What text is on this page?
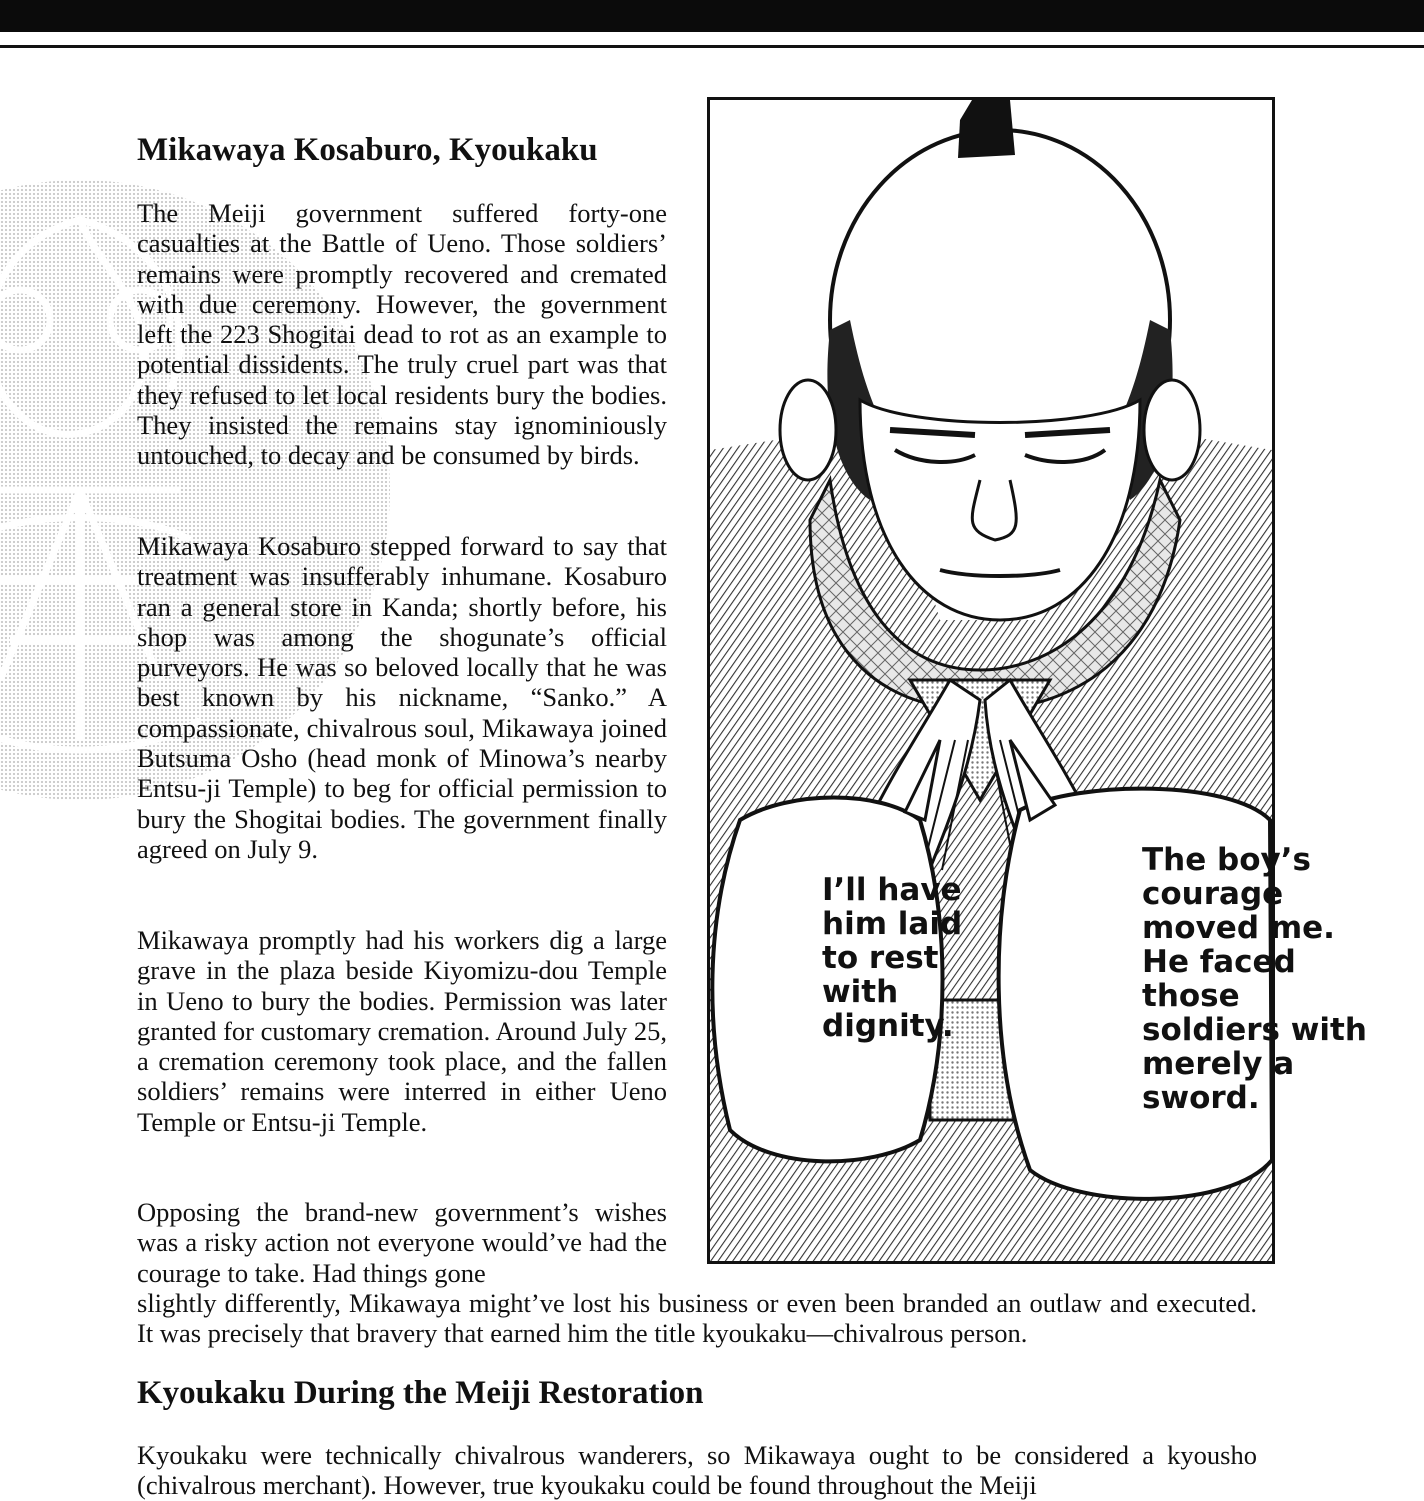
Mikawaya Kosaburo, Kyoukaku

The Meiji government suffered forty-one casualties at the Battle of Ueno. Those soldiers’ remains were promptly recovered and cremated with due ceremony. However, the government left the 223 Shogitai dead to rot as an example to potential dissidents. The truly cruel part was that they refused to let local residents bury the bodies. They insisted the remains stay ignominiously untouched, to decay and be consumed by birds.

Mikawaya Kosaburo stepped forward to say that treatment was insufferably inhumane. Kosaburo ran a general store in Kanda; shortly before, his shop was among the shogunate’s official purveyors. He was so beloved locally that he was best known by his nickname, “Sanko.” A compassionate, chivalrous soul, Mikawaya joined Butsuma Osho (head monk of Minowa’s nearby Entsu-ji Temple) to beg for official permission to bury the Shogitai bodies. The government finally agreed on July 9.

Mikawaya promptly had his workers dig a large grave in the plaza beside Kiyomizu-dou Temple in Ueno to bury the bodies. Permission was later granted for customary cremation. Around July 25, a cremation ceremony took place, and the fallen soldiers’ remains were interred in either Ueno Temple or Entsu-ji Temple.

Opposing the brand-new government’s wishes was a risky action not everyone would’ve had the courage to take. Had things gone

slightly differently, Mikawaya might’ve lost his business or even been branded an outlaw and executed. It was precisely that bravery that earned him the title kyoukaku—chivalrous person.

Kyoukaku During the Meiji Restoration

Kyoukaku were technically chivalrous wanderers, so Mikawaya ought to be considered a kyousho (chivalrous merchant). However, true kyoukaku could be found throughout the Meiji

I’ll have him laid to rest with dignity.
The boy’s courage moved me. He faced those soldiers with merely a sword.
